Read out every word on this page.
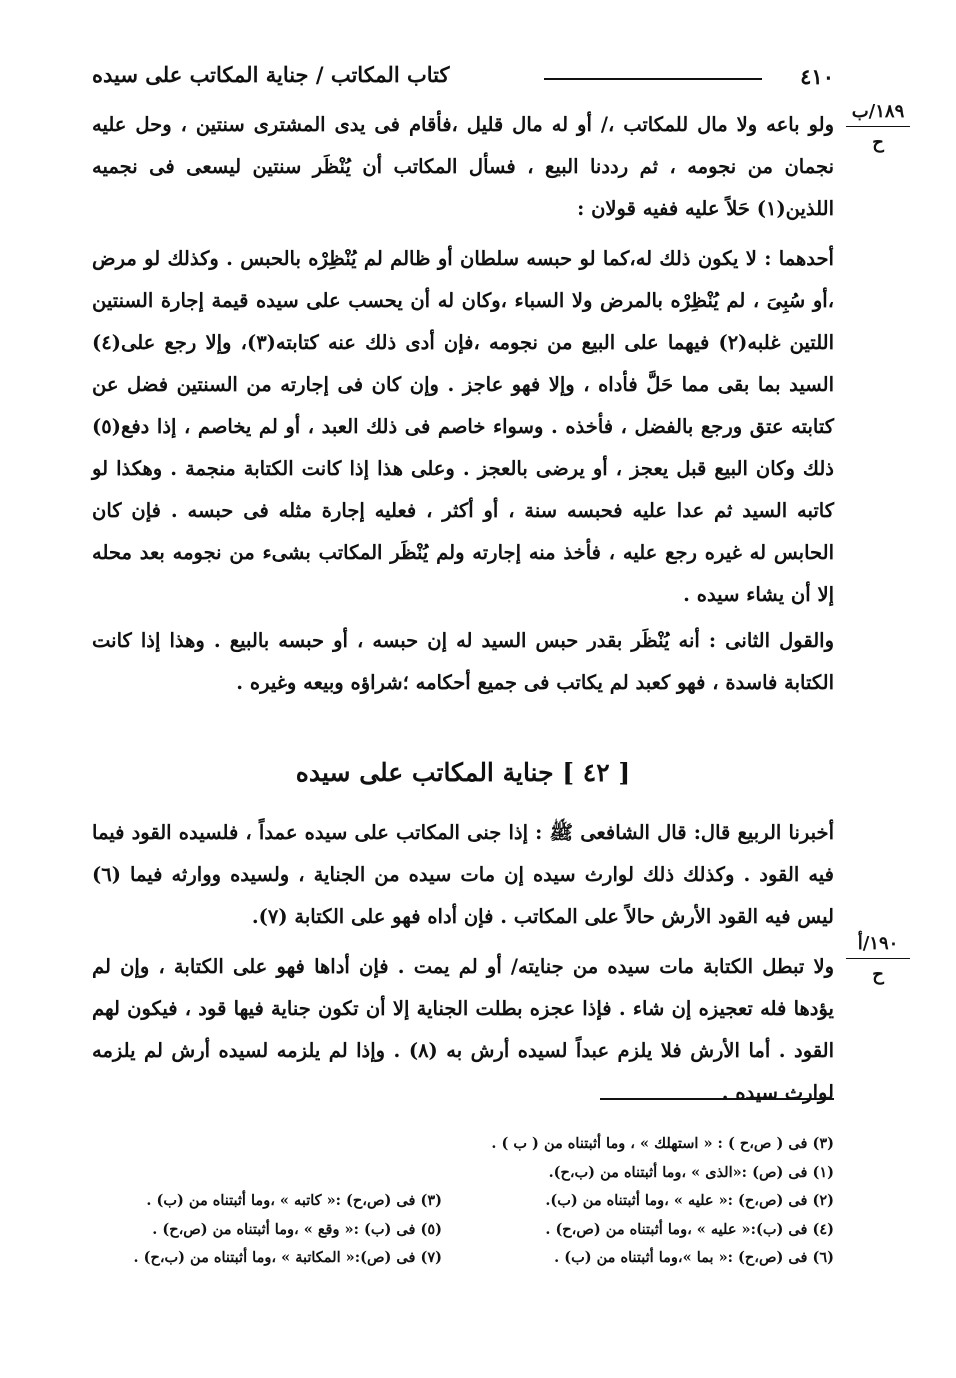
٤١٠
كتاب المكاتب / جناية المكاتب على سيده
١٨٩/ب
ح
١٩٠/أ
ح

ولو باعه ولا مال للمكاتب ،/ أو له مال قليل ،فأقام فى يدى المشترى سنتين ، وحل عليه نجمان من نجومه ، ثم رددنا البيع ، فسأل المكاتب أن يُنْظَر سنتين ليسعى فى نجميه اللذين(١) حَلاً عليه ففيه قولان :

أحدهما : لا يكون ذلك له،كما لو حبسه سلطان أو ظالم لم يُنْظِرْه بالحبس . وكذلك لو مرض ،أو سُبِىَ ، لم يُنْظِرْه بالمرض ولا السباء ،وكان له أن يحسب على سيده قيمة إجارة السنتين اللتين غلبه(٢) فيهما على البيع من نجومه ،فإن أدى ذلك عنه كتابته(٣)، وإلا رجع على(٤) السيد بما بقى مما حَلَّ فأداه ، وإلا فهو عاجز . وإن كان فى إجارته من السنتين فضل عن كتابته عتق ورجع بالفضل ، فأخذه . وسواء خاصم فى ذلك العبد ، أو لم يخاصم ، إذا دفع(٥) ذلك وكان البيع قبل يعجز ، أو يرضى بالعجز . وعلى هذا إذا كانت الكتابة منجمة . وهكذا لو كاتبه السيد ثم عدا عليه فحبسه سنة ، أو أكثر ، فعليه إجارة مثله فى حبسه . فإن كان الحابس له غيره رجع عليه ، فأخذ منه إجارته ولم يُنْظَر المكاتب بشىء من نجومه بعد محله إلا أن يشاء سيده .

والقول الثانى : أنه يُنْظَر بقدر حبس السيد له إن حبسه ، أو حبسه بالبيع . وهذا إذا كانت الكتابة فاسدة ، فهو كعبد لم يكاتب فى جميع أحكامه ؛شراؤه وبيعه وغيره .

[ ٤٢ ] جناية المكاتب على سيده

أخبرنا الربيع قال: قال الشافعى ﷺ : إذا جنى المكاتب على سيده عمداً ، فلسيده القود فيما فيه القود . وكذلك ذلك لوارث سيده إن مات سيده من الجناية ، ولسيده ووارثه فيما (٦) ليس فيه القود الأرش حالاً على المكاتب . فإن أداه فهو على الكتابة (٧).

ولا تبطل الكتابة مات سيده من جنايته/ أو لم يمت . فإن أداها فهو على الكتابة ، وإن لم يؤدها فله تعجيزه إن شاء . فإذا عجزه بطلت الجناية إلا أن تكون جناية فيها قود ، فيكون لهم القود . أما الأرش فلا يلزم عبداً لسيده أرش به (٨) . وإذا لم يلزمه لسيده أرش لم يلزمه لوارث سيده .

(٣) فى ( ص،ح ) : « استهلك » ، وما أثبتناه من ( ب ) .
(١) فى (ص) :«الذى » ،وما أثبتناه من (ب،ح).
(٢) فى (ص،ح) :« عليه » ،وما أثبتناه من (ب).
(٣) فى (ص،ح) :« كاتبه » ،وما أثبتناه من (ب) .
(٤) فى (ب):« عليه » ،وما أثبتناه من (ص،ح) .
(٥) فى (ب) :« وقع » ،وما أثبتناه من (ص،ح) .
(٦) فى (ص،ح) :« بما »،وما أثبتناه من (ب) .
(٧) فى (ص):« المكاتبة » ،وما أثبتناه من (ب،ح) .
